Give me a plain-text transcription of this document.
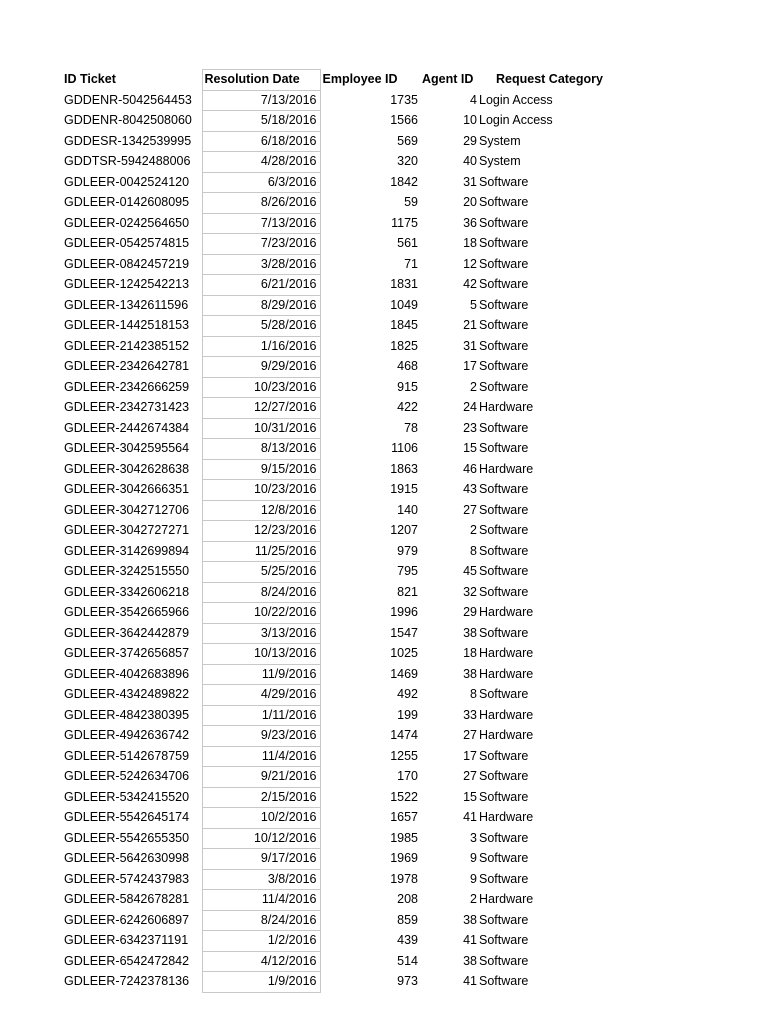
ID Ticket	Resolution Date	Employee ID	Agent ID	Request Category
GDDENR-5042564453	7/13/2016	1735	4	Login Access
GDDENR-8042508060	5/18/2016	1566	10	Login Access
GDDESR-1342539995	6/18/2016	569	29	System
GDDTSR-5942488006	4/28/2016	320	40	System
GDLEER-0042524120	6/3/2016	1842	31	Software
GDLEER-0142608095	8/26/2016	59	20	Software
GDLEER-0242564650	7/13/2016	1175	36	Software
GDLEER-0542574815	7/23/2016	561	18	Software
GDLEER-0842457219	3/28/2016	71	12	Software
GDLEER-1242542213	6/21/2016	1831	42	Software
GDLEER-1342611596	8/29/2016	1049	5	Software
GDLEER-1442518153	5/28/2016	1845	21	Software
GDLEER-2142385152	1/16/2016	1825	31	Software
GDLEER-2342642781	9/29/2016	468	17	Software
GDLEER-2342666259	10/23/2016	915	2	Software
GDLEER-2342731423	12/27/2016	422	24	Hardware
GDLEER-2442674384	10/31/2016	78	23	Software
GDLEER-3042595564	8/13/2016	1106	15	Software
GDLEER-3042628638	9/15/2016	1863	46	Hardware
GDLEER-3042666351	10/23/2016	1915	43	Software
GDLEER-3042712706	12/8/2016	140	27	Software
GDLEER-3042727271	12/23/2016	1207	2	Software
GDLEER-3142699894	11/25/2016	979	8	Software
GDLEER-3242515550	5/25/2016	795	45	Software
GDLEER-3342606218	8/24/2016	821	32	Software
GDLEER-3542665966	10/22/2016	1996	29	Hardware
GDLEER-3642442879	3/13/2016	1547	38	Software
GDLEER-3742656857	10/13/2016	1025	18	Hardware
GDLEER-4042683896	11/9/2016	1469	38	Hardware
GDLEER-4342489822	4/29/2016	492	8	Software
GDLEER-4842380395	1/11/2016	199	33	Hardware
GDLEER-4942636742	9/23/2016	1474	27	Hardware
GDLEER-5142678759	11/4/2016	1255	17	Software
GDLEER-5242634706	9/21/2016	170	27	Software
GDLEER-5342415520	2/15/2016	1522	15	Software
GDLEER-5542645174	10/2/2016	1657	41	Hardware
GDLEER-5542655350	10/12/2016	1985	3	Software
GDLEER-5642630998	9/17/2016	1969	9	Software
GDLEER-5742437983	3/8/2016	1978	9	Software
GDLEER-5842678281	11/4/2016	208	2	Hardware
GDLEER-6242606897	8/24/2016	859	38	Software
GDLEER-6342371191	1/2/2016	439	41	Software
GDLEER-6542472842	4/12/2016	514	38	Software
GDLEER-7242378136	1/9/2016	973	41	Software
